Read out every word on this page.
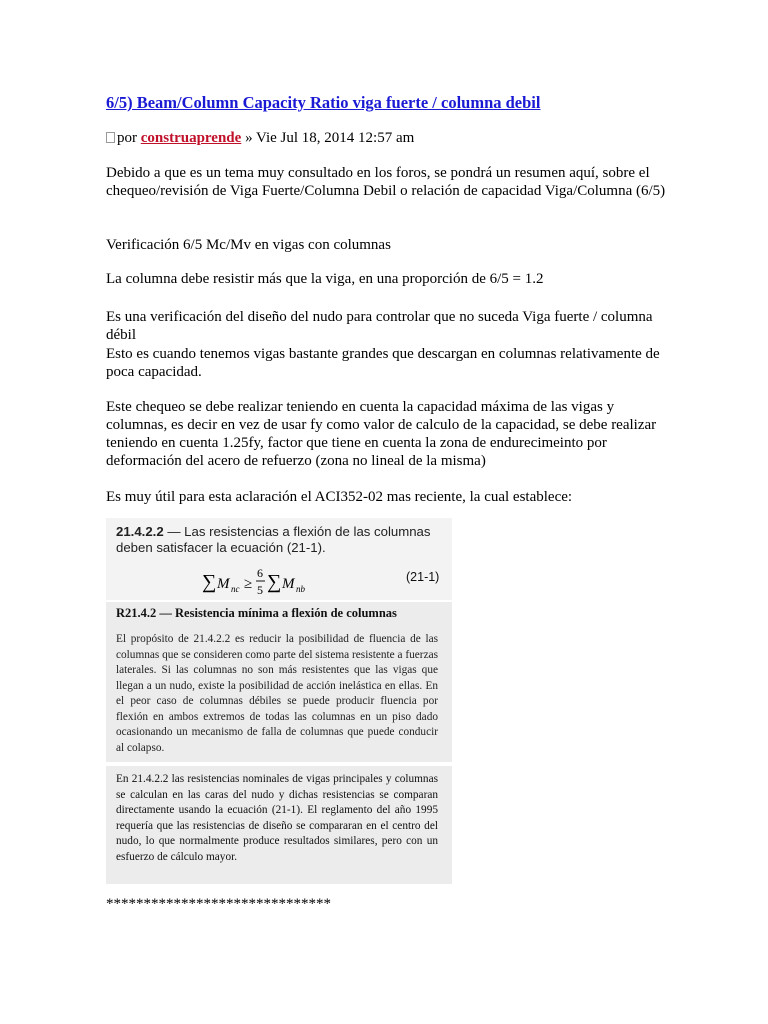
6/5) Beam/Column Capacity Ratio viga fuerte / columna debil
por construaprende » Vie Jul 18, 2014 12:57 am
Debido a que es un tema muy consultado en los foros, se pondrá un resumen aquí, sobre el chequeo/revisión de Viga Fuerte/Columna Debil o relación de capacidad Viga/Columna (6/5)
Verificación 6/5 Mc/Mv en vigas con columnas
La columna debe resistir más que la viga, en una proporción de 6/5 = 1.2
Es una verificación del diseño del nudo para controlar que no suceda Viga fuerte / columna débil
Esto es cuando tenemos vigas bastante grandes que descargan en columnas relativamente de poca capacidad.
Este chequeo se debe realizar teniendo en cuenta la capacidad máxima de las vigas y columnas, es decir en vez de usar fy como valor de calculo de la capacidad, se debe realizar teniendo en cuenta 1.25fy, factor que tiene en cuenta la zona de endurecimeinto por deformación del acero de refuerzo (zona no lineal de la misma)
Es muy útil para esta aclaración el ACI352-02 mas reciente, la cual establece:
21.4.2.2 — Las resistencias a flexión de las columnas
deben satisfacer la ecuación (21-1).
∑ M nc ≥
6
5 ∑ M nb
(21-1)
R21.4.2 — Resistencia mínima a flexión de columnas
El propósito de 21.4.2.2 es reducir la posibilidad de fluencia de las columnas que se consideren como parte del sistema resistente a fuerzas laterales. Si las columnas no son más resistentes que las vigas que llegan a un nudo, existe la posibilidad de acción inelástica en ellas. En el peor caso de columnas débiles se puede producir fluencia por flexión en ambos extremos de todas las columnas en un piso dado ocasionando un mecanismo de falla de columnas que puede conducir al colapso.
En 21.4.2.2 las resistencias nominales de vigas principales y columnas se calculan en las caras del nudo y dichas resistencias se comparan directamente usando la ecuación (21-1). El reglamento del año 1995 requería que las resistencias de diseño se compararan en el centro del nudo, lo que normalmente produce resultados similares, pero con un esfuerzo de cálculo mayor.
******************************
